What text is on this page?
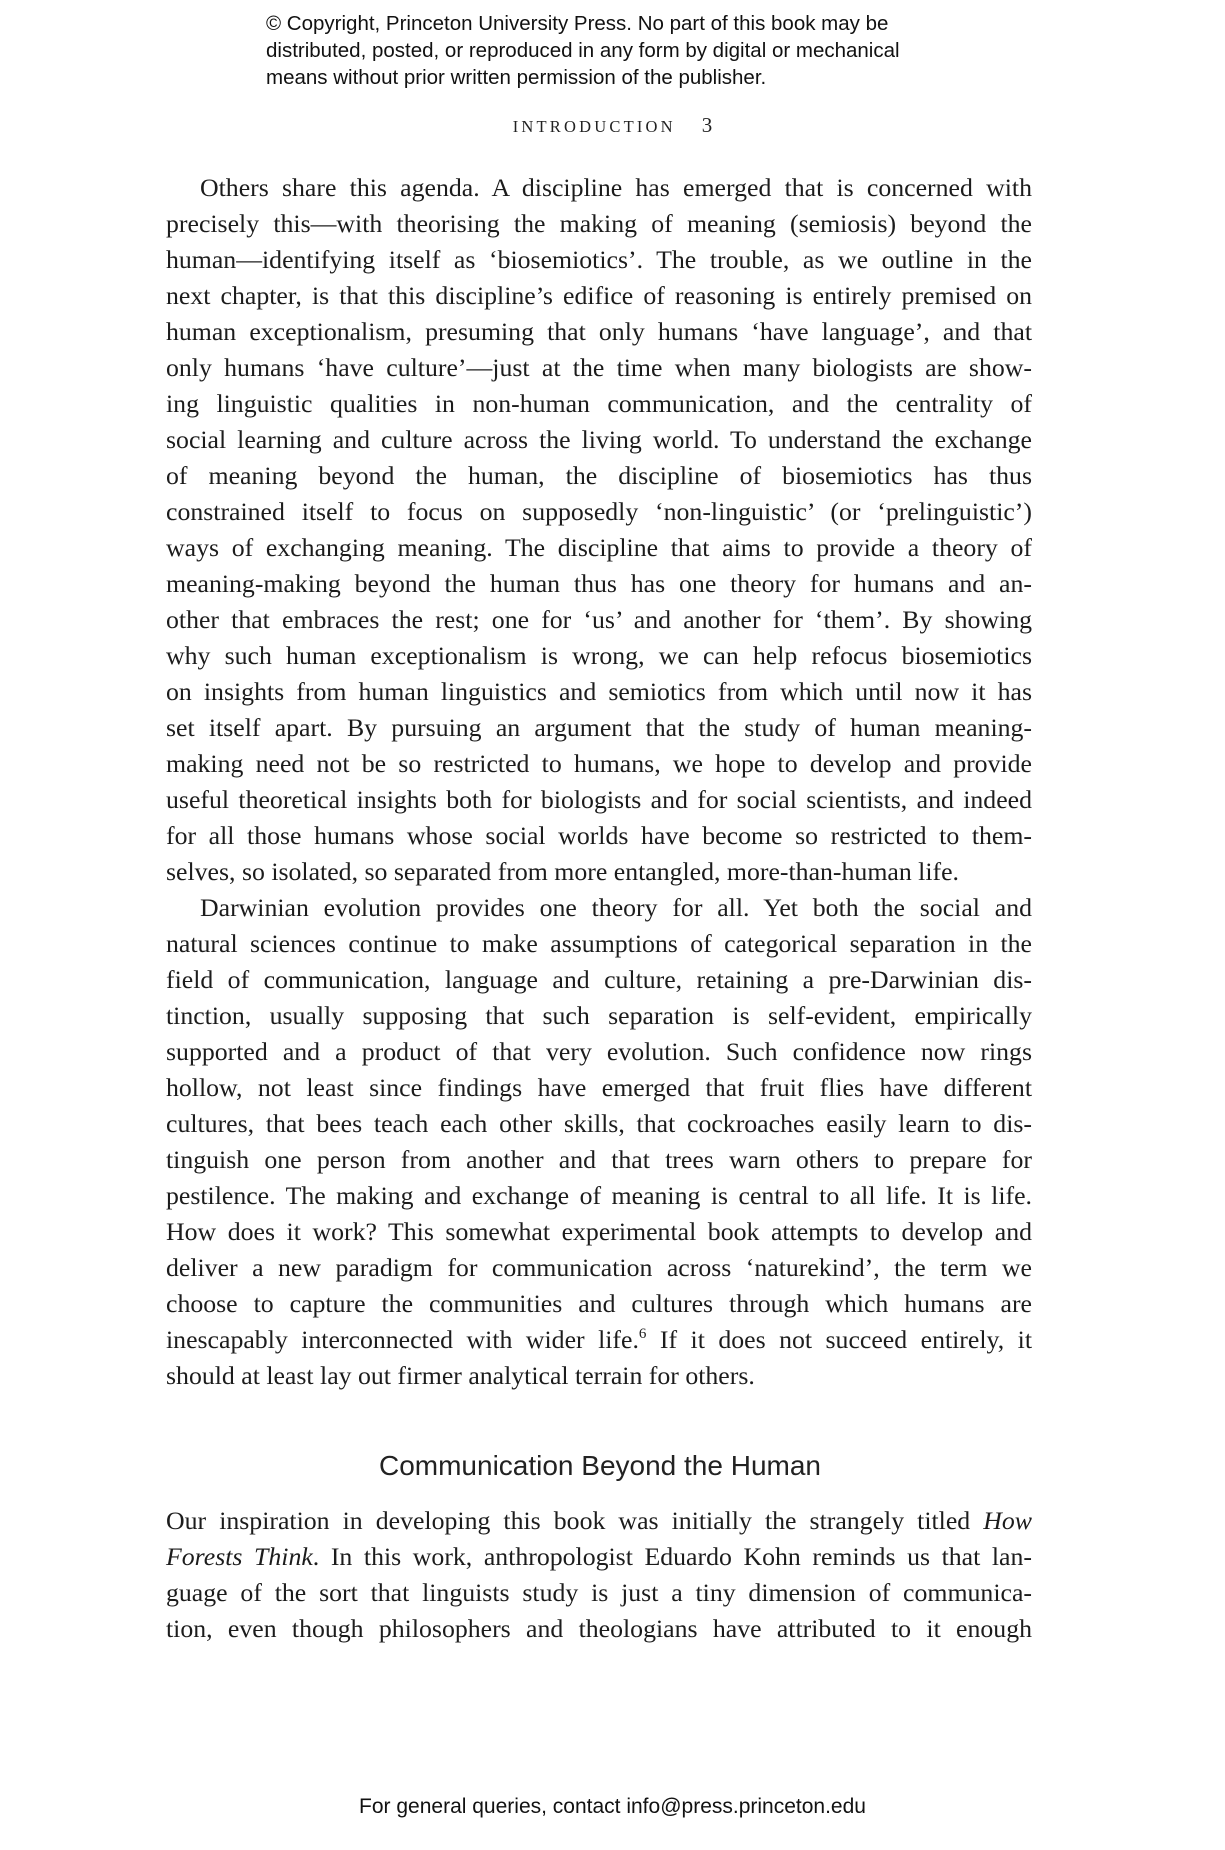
© Copyright, Princeton University Press. No part of this book may be
distributed, posted, or reproduced in any form by digital or mechanical
means without prior written permission of the publisher.
INTRODUCTION 3
Others share this agenda. A discipline has emerged that is concerned with
precisely this—with theorising the making of meaning (semiosis) beyond the
human—identifying itself as ‘biosemiotics’. The trouble, as we outline in the
next chapter, is that this discipline’s edifice of reasoning is entirely premised on
human exceptionalism, presuming that only humans ‘have language’, and that
only humans ‘have culture’—just at the time when many biologists are show-
ing linguistic qualities in non-human communication, and the centrality of
social learning and culture across the living world. To understand the exchange
of meaning beyond the human, the discipline of biosemiotics has thus
constrained itself to focus on supposedly ‘non-linguistic’ (or ‘prelinguistic’)
ways of exchanging meaning. The discipline that aims to provide a theory of
meaning-making beyond the human thus has one theory for humans and an-
other that embraces the rest; one for ‘us’ and another for ‘them’. By showing
why such human exceptionalism is wrong, we can help refocus biosemiotics
on insights from human linguistics and semiotics from which until now it has
set itself apart. By pursuing an argument that the study of human meaning-
making need not be so restricted to humans, we hope to develop and provide
useful theoretical insights both for biologists and for social scientists, and indeed
for all those humans whose social worlds have become so restricted to them-
selves, so isolated, so separated from more entangled, more-than-human life.
Darwinian evolution provides one theory for all. Yet both the social and
natural sciences continue to make assumptions of categorical separation in the
field of communication, language and culture, retaining a pre-Darwinian dis-
tinction, usually supposing that such separation is self-evident, empirically
supported and a product of that very evolution. Such confidence now rings
hollow, not least since findings have emerged that fruit flies have different
cultures, that bees teach each other skills, that cockroaches easily learn to dis-
tinguish one person from another and that trees warn others to prepare for
pestilence. The making and exchange of meaning is central to all life. It is life.
How does it work? This somewhat experimental book attempts to develop and
deliver a new paradigm for communication across ‘naturekind’, the term we
choose to capture the communities and cultures through which humans are
inescapably interconnected with wider life.$^6$ If it does not succeed entirely, it
should at least lay out firmer analytical terrain for others.
Communication Beyond the Human
Our inspiration in developing this book was initially the strangely titled How
Forests Think. In this work, anthropologist Eduardo Kohn reminds us that lan-
guage of the sort that linguists study is just a tiny dimension of communica-
tion, even though philosophers and theologians have attributed to it enough
For general queries, contact info@press.princeton.edu
